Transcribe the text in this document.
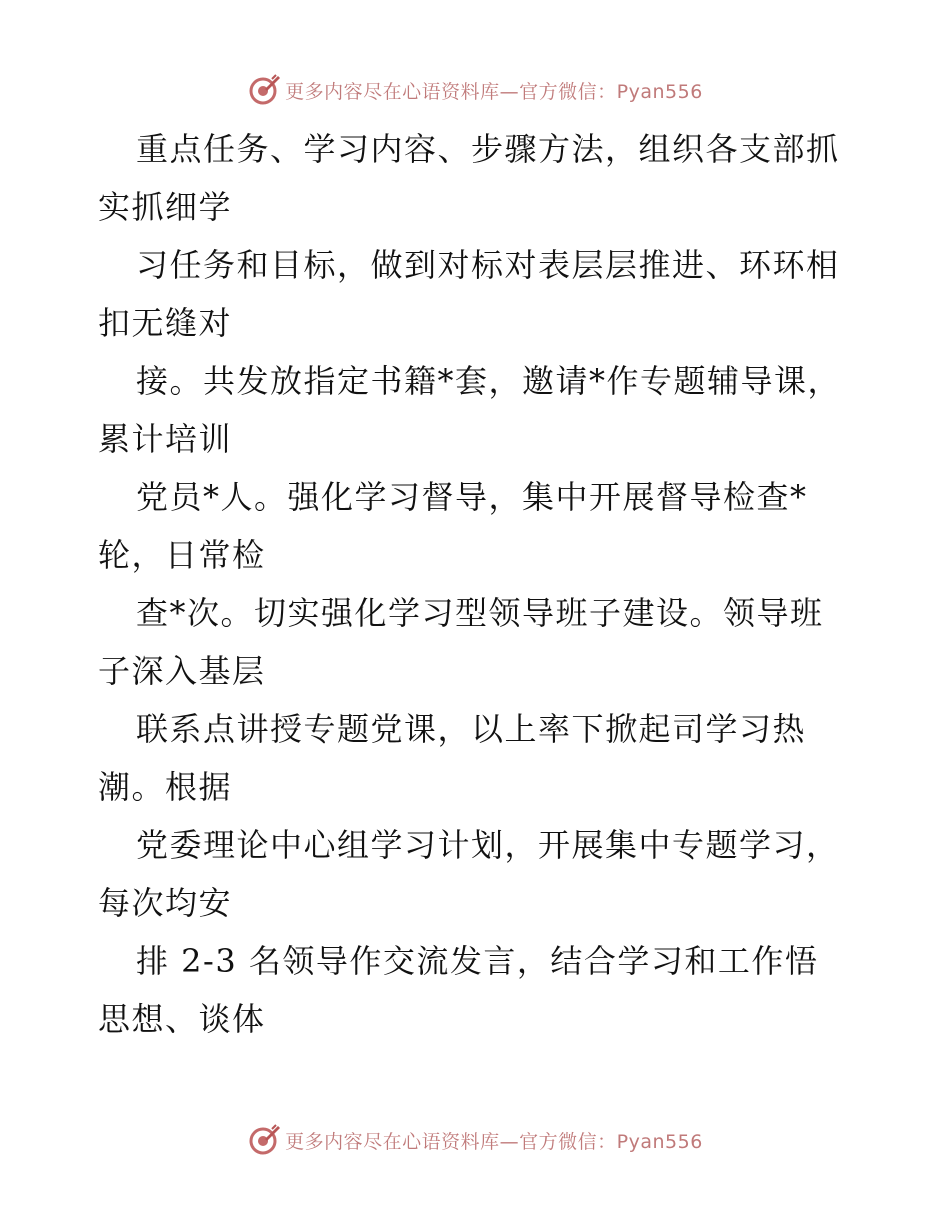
更多内容尽在心语资料库—官方微信：Pyan556
重点任务、学习内容、步骤方法，组织各支部抓
实抓细学
习任务和目标，做到对标对表层层推进、环环相
扣无缝对
接。共发放指定书籍*套，邀请*作专题辅导课，
累计培训
党员*人。强化学习督导，集中开展督导检查*
轮，日常检
查*次。切实强化学习型领导班子建设。领导班
子深入基层
联系点讲授专题党课，以上率下掀起司学习热
潮。根据
党委理论中心组学习计划，开展集中专题学习，
每次均安
排 2-3 名领导作交流发言，结合学习和工作悟
思想、谈体
更多内容尽在心语资料库—官方微信：Pyan556
